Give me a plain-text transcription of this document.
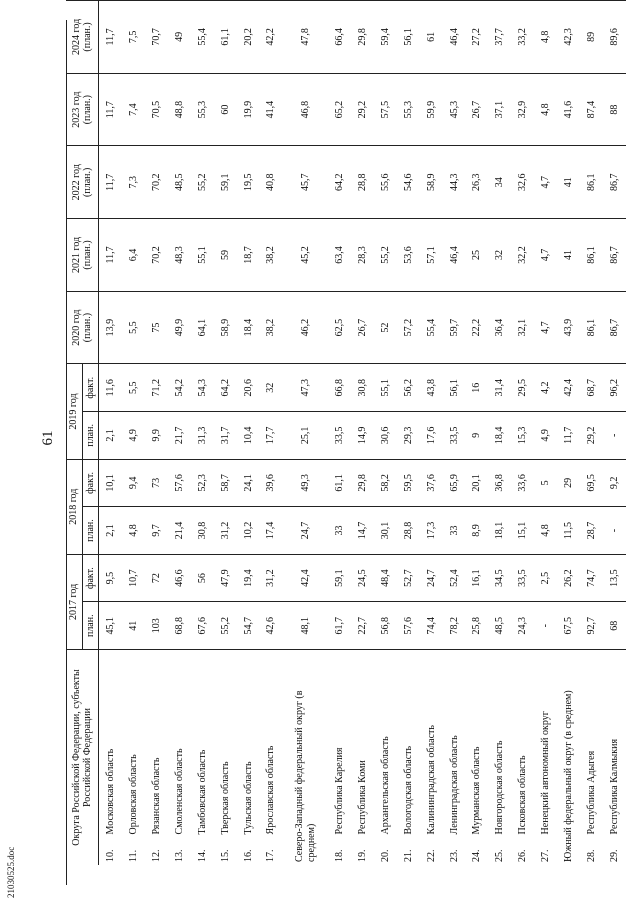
61
21030525.doc
Округа Российской Федерации, субъекты Российской Федерации		2017 год		2018 год		2019 год		2020 год (план.)	2021 год (план.)	2022 год (план.)	2023 год (план.)	2024 год (план.)
		план.	факт.	план.	факт.	план.	факт.					
10.	Московская область	45,1	9,5	2,1	10,1	2,1	11,6	13,9	11,7	11,7	11,7	11,7
11.	Орловская область	41	10,7	4,8	9,4	4,9	5,5	5,5	6,4	7,3	7,4	7,5
12.	Рязанская область	103	72	9,7	73	9,9	71,2	75	70,2	70,2	70,5	70,7
13.	Смоленская область	68,8	46,6	21,4	57,6	21,7	54,2	49,9	48,3	48,5	48,8	49
14.	Тамбовская область	67,6	56	30,8	52,3	31,3	54,3	64,1	55,1	55,2	55,3	55,4
15.	Тверская область	55,2	47,9	31,2	58,7	31,7	64,2	58,9	59	59,1	60	61,1
16.	Тульская область	54,7	19,4	10,2	24,1	10,4	20,6	18,4	18,7	19,5	19,9	20,2
17.	Ярославская область	42,6	31,2	17,4	39,6	17,7	32	38,2	38,2	40,8	41,4	42,2
Северо-Западный федеральный округ (в среднем)		48,1	42,4	24,7	49,3	25,1	47,3	46,2	45,2	45,7	46,8	47,8
18.	Республика Карелия	61,7	59,1	33	61,1	33,5	66,8	62,5	63,4	64,2	65,2	66,4
19.	Республика Коми	22,7	24,5	14,7	29,8	14,9	30,8	26,7	28,3	28,8	29,2	29,8
20.	Архангельская область	56,8	48,4	30,1	58,2	30,6	55,1	52	55,2	55,6	57,5	59,4
21.	Вологодская область	57,6	52,7	28,8	59,5	29,3	56,2	57,2	53,6	54,6	55,3	56,1
22.	Калининградская область	74,4	24,7	17,3	37,6	17,6	43,8	55,4	57,1	58,9	59,9	61
23.	Ленинградская область	78,2	52,4	33	65,9	33,5	56,1	59,7	46,4	44,3	45,3	46,4
24.	Мурманская область	25,8	16,1	8,9	20,1	9	16	22,2	25	26,3	26,7	27,2
25.	Новгородская область	48,5	34,5	18,1	36,8	18,4	31,4	36,4	32	34	37,1	37,7
26.	Псковская область	24,3	33,5	15,1	33,6	15,3	29,5	32,1	32,2	32,6	32,9	33,2
27.	Ненецкий автономный округ	-	2,5	4,8	5	4,9	4,2	4,7	4,7	4,7	4,8	4,8
Южный федеральный округ (в среднем)		67,5	26,2	11,5	29	11,7	42,4	43,9	41	41	41,6	42,3
28.	Республика Адыгея	92,7	74,7	28,7	69,5	29,2	68,7	86,1	86,1	86,1	87,4	89
29.	Республика Калмыкия	68	13,5	-	9,2	-	96,2	86,7	86,7	86,7	88	89,6
